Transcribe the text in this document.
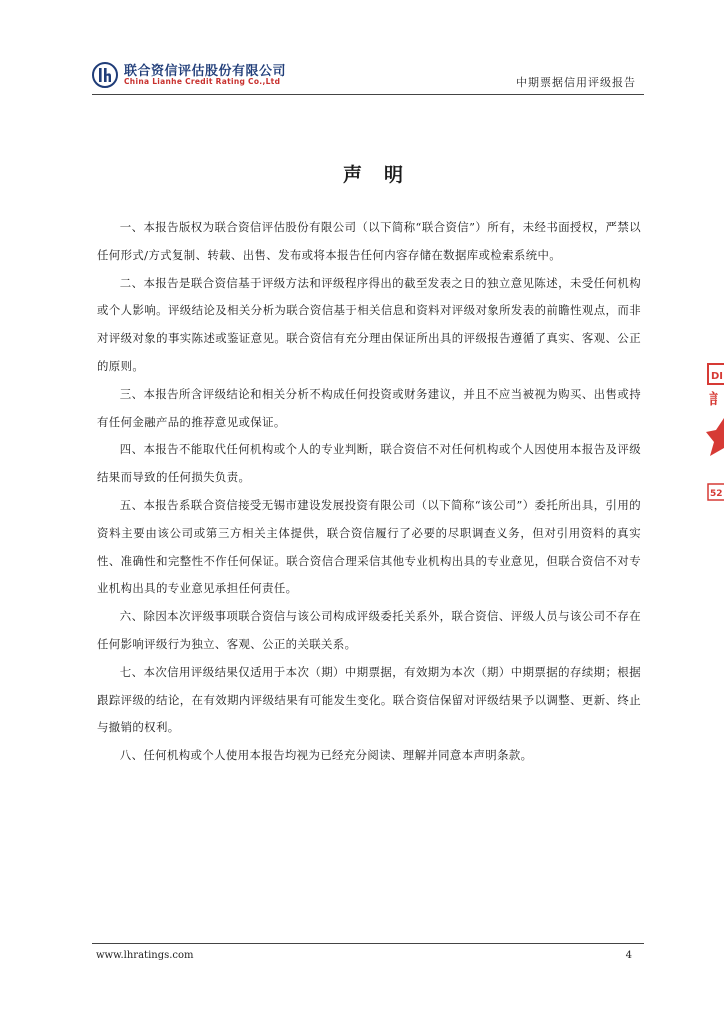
联合资信评估股份有限公司
China Lianhe Credit Rating Co.,Ltd	中期票据信用评级报告
声明

一、本报告版权为联合资信评估股份有限公司（以下简称“联合资信”）所有，未经书面授权，严禁以任何形式/方式复制、转载、出售、发布或将本报告任何内容存储在数据库或检索系统中。

二、本报告是联合资信基于评级方法和评级程序得出的截至发表之日的独立意见陈述，未受任何机构或个人影响。评级结论及相关分析为联合资信基于相关信息和资料对评级对象所发表的前瞻性观点，而非对评级对象的事实陈述或鉴证意见。联合资信有充分理由保证所出具的评级报告遵循了真实、客观、公正的原则。

三、本报告所含评级结论和相关分析不构成任何投资或财务建议，并且不应当被视为购买、出售或持有任何金融产品的推荐意见或保证。

四、本报告不能取代任何机构或个人的专业判断，联合资信不对任何机构或个人因使用本报告及评级结果而导致的任何损失负责。

五、本报告系联合资信接受无锡市建设发展投资有限公司（以下简称“该公司”）委托所出具，引用的资料主要由该公司或第三方相关主体提供，联合资信履行了必要的尽职调查义务，但对引用资料的真实性、准确性和完整性不作任何保证。联合资信合理采信其他专业机构出具的专业意见，但联合资信不对专业机构出具的专业意见承担任何责任。

六、除因本次评级事项联合资信与该公司构成评级委托关系外，联合资信、评级人员与该公司不存在任何影响评级行为独立、客观、公正的关联关系。

七、本次信用评级结果仅适用于本次（期）中期票据，有效期为本次（期）中期票据的存续期；根据跟踪评级的结论，在有效期内评级结果有可能发生变化。联合资信保留对评级结果予以调整、更新、终止与撤销的权利。

八、任何机构或个人使用本报告均视为已经充分阅读、理解并同意本声明条款。

DI
訁
52
www.lhratings.com	4
